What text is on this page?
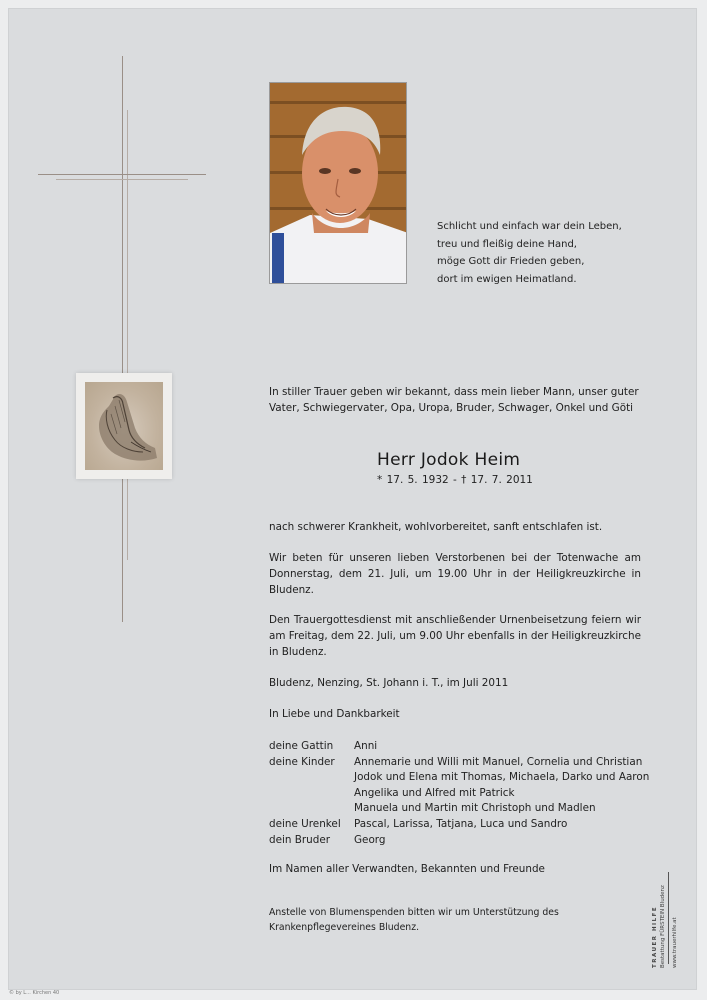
Schlicht und einfach war dein Leben,
treu und fleißig deine Hand,
möge Gott dir Frieden geben,
dort im ewigen Heimatland.
In stiller Trauer geben wir bekannt, dass mein lieber Mann, unser guter Vater, Schwiegervater, Opa, Uropa, Bruder, Schwager, Onkel und Göti
Herr Jodok Heim
* 17. 5. 1932 - † 17. 7. 2011
nach schwerer Krankheit, wohlvorbereitet, sanft entschlafen ist.
Wir beten für unseren lieben Verstorbenen bei der Totenwache am Donnerstag, dem 21. Juli, um 19.00 Uhr in der Heiligkreuzkirche in Bludenz.
Den Trauergottesdienst mit anschließender Urnenbeisetzung feiern wir am Freitag, dem 22. Juli, um 9.00 Uhr ebenfalls in der Heiligkreuzkirche in Bludenz.
Bludenz, Nenzing, St. Johann i. T., im Juli 2011
In Liebe und Dankbarkeit
deine Gattin	Anni
deine Kinder	Annemarie und Willi mit Manuel, Cornelia und Christian
Jodok und Elena mit Thomas, Michaela, Darko und Aaron
Angelika und Alfred mit Patrick
Manuela und Martin mit Christoph und Madlen
deine Urenkel	Pascal, Larissa, Tatjana, Luca und Sandro
dein Bruder	Georg
Im Namen aller Verwandten, Bekannten und Freunde
Anstelle von Blumenspenden bitten wir um Unterstützung des Krankenpflegevereines Bludenz.	TRAUER HILFE Bestattung FÜRSTEIN Bludenz www.trauerhilfe.at
© by L... Kirchen 40
